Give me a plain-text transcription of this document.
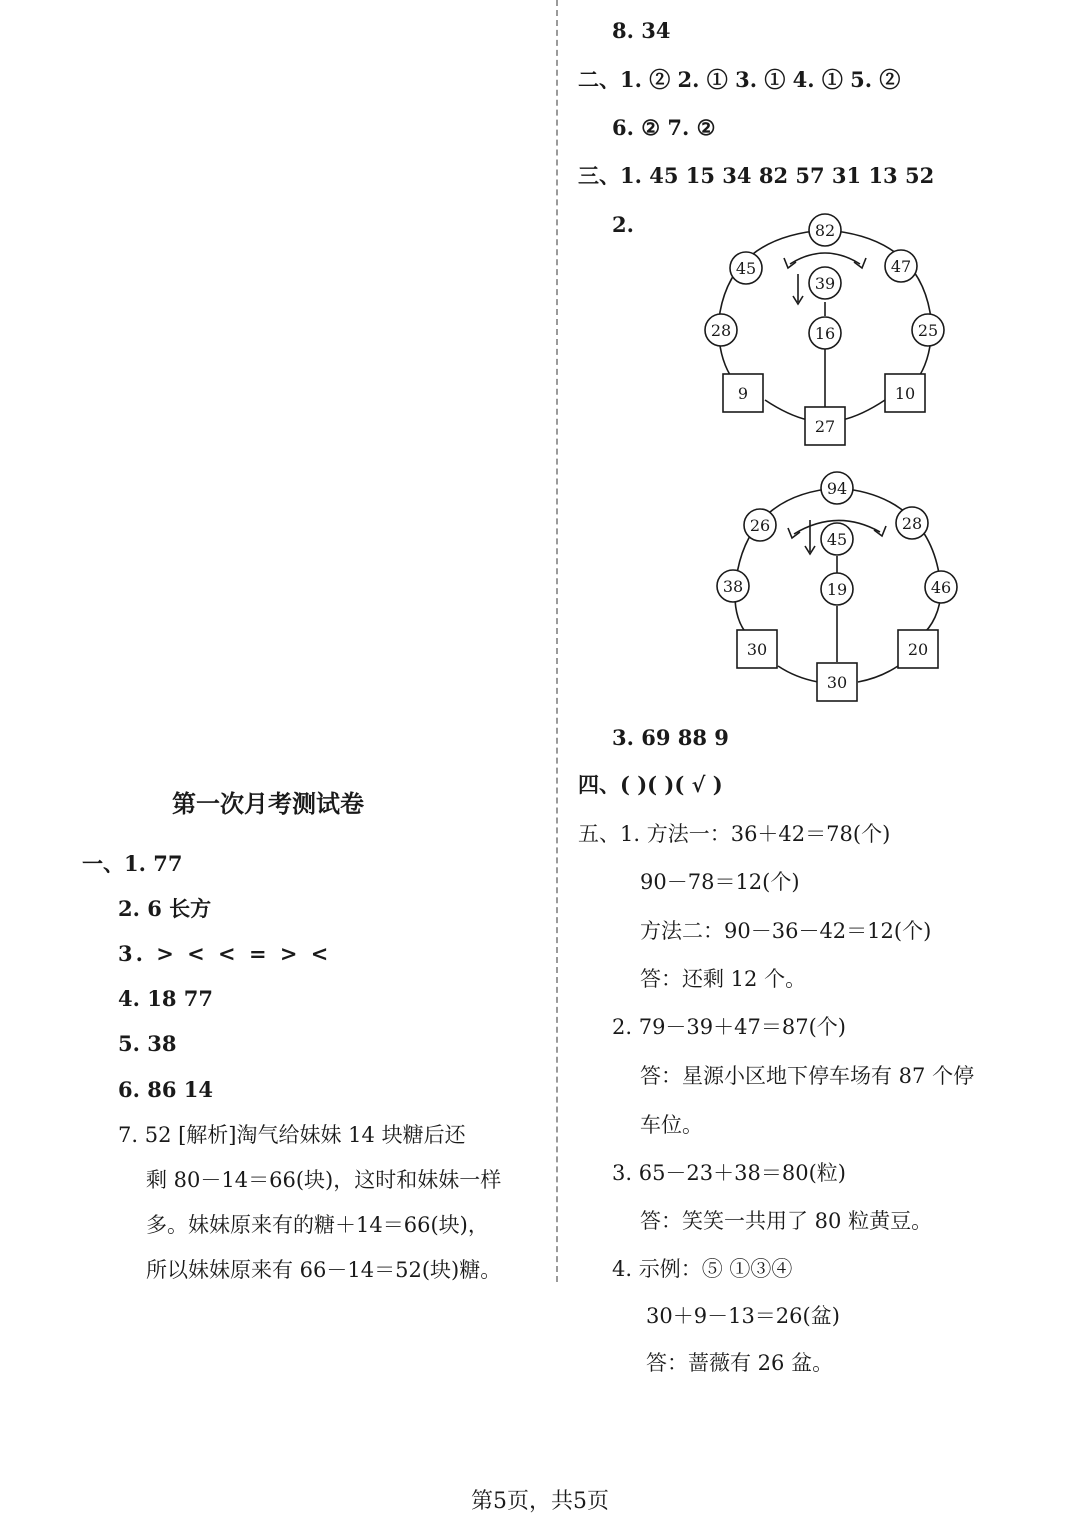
第一次月考测试卷
一、1. 77
2. 6 长方
3. > < < = > <
4. 18 77
5. 38
6. 86 14
7. 52 [解析]淘气给妹妹 14 块糖后还
剩 80－14＝66(块)，这时和妹妹一样
多。妹妹原来有的糖＋14＝66(块)，
所以妹妹原来有 66－14＝52(块)糖。
8. 34
二、1. ② 2. ① 3. ① 4. ① 5. ②
6. ② 7. ②
三、1. 45 15 34 82 57 31 13 52
2.	82
45	47
39
28	16	25
9
27
10
94
26	28
45
38	19	46
30
30
20
3. 69 88 9
四、( )( )( √ )
五、1. 方法一：36＋42＝78(个)
90－78＝12(个)
方法二：90－36－42＝12(个)
答：还剩 12 个。
2. 79－39＋47＝87(个)
答：星源小区地下停车场有 87 个停
车位。
3. 65－23＋38＝80(粒)
答：笑笑一共用了 80 粒黄豆。
4. 示例：⑤ ①③④
30＋9－13＝26(盆)
答：蔷薇有 26 盆。
第5页，共5页
